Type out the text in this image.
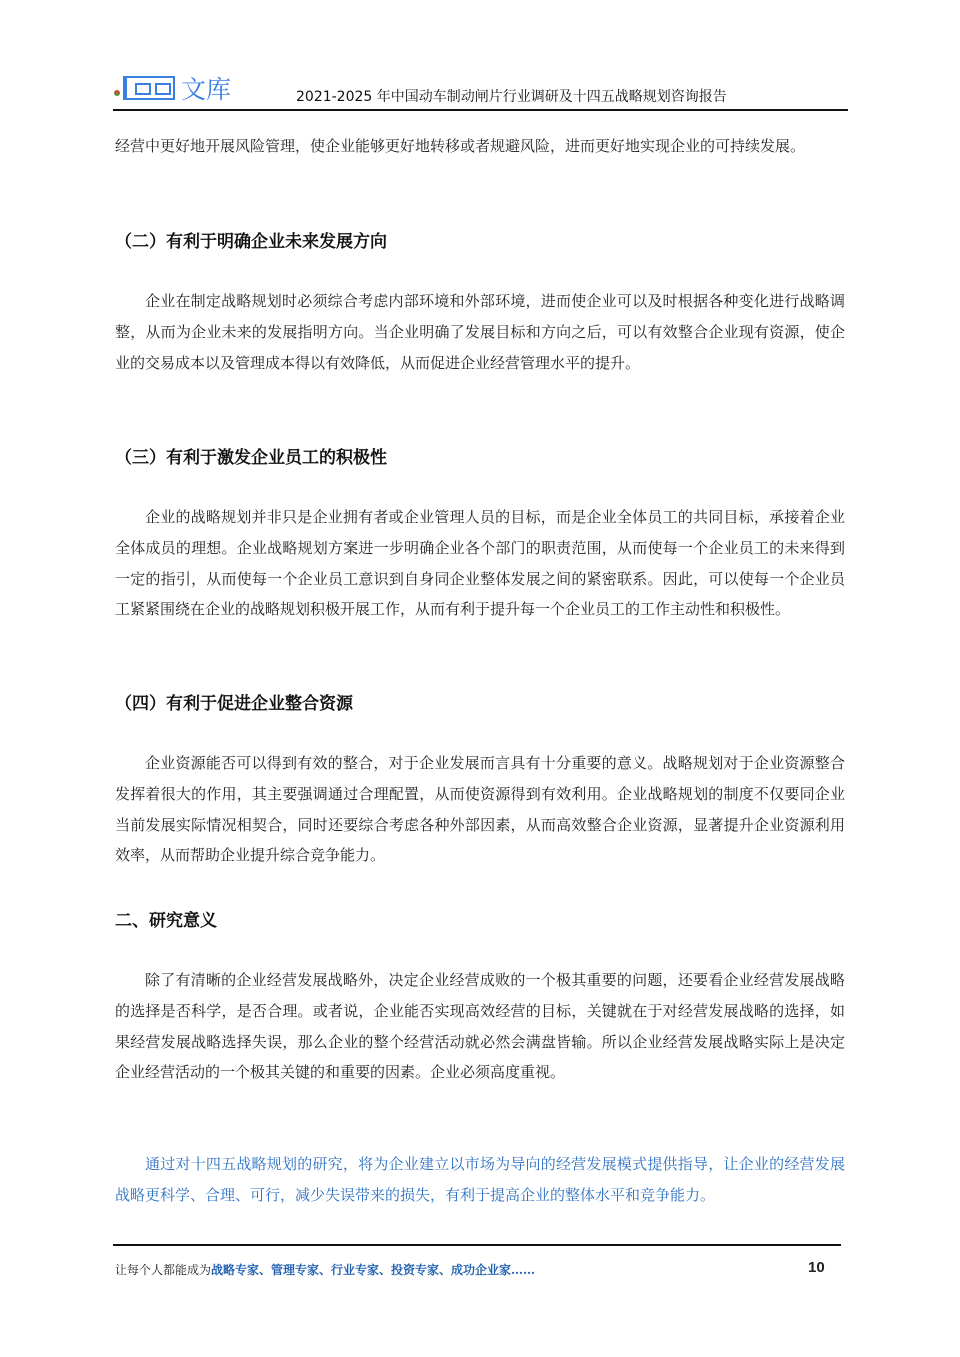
文库	2021-2025 年中国动车制动闸片行业调研及十四五战略规划咨询报告
经营中更好地开展风险管理，使企业能够更好地转移或者规避风险，进而更好地实现企业的可持续发展。
（二）有利于明确企业未来发展方向
企业在制定战略规划时必须综合考虑内部环境和外部环境，进而使企业可以及时根据各种变化进行战略调整，从而为企业未来的发展指明方向。当企业明确了发展目标和方向之后，可以有效整合企业现有资源，使企业的交易成本以及管理成本得以有效降低，从而促进企业经营管理水平的提升。
（三）有利于激发企业员工的积极性
企业的战略规划并非只是企业拥有者或企业管理人员的目标，而是企业全体员工的共同目标，承接着企业全体成员的理想。企业战略规划方案进一步明确企业各个部门的职责范围，从而使每一个企业员工的未来得到一定的指引，从而使每一个企业员工意识到自身同企业整体发展之间的紧密联系。因此，可以使每一个企业员工紧紧围绕在企业的战略规划积极开展工作，从而有利于提升每一个企业员工的工作主动性和积极性。
（四）有利于促进企业整合资源
企业资源能否可以得到有效的整合，对于企业发展而言具有十分重要的意义。战略规划对于企业资源整合发挥着很大的作用，其主要强调通过合理配置，从而使资源得到有效利用。企业战略规划的制度不仅要同企业当前发展实际情况相契合，同时还要综合考虑各种外部因素，从而高效整合企业资源，显著提升企业资源利用效率，从而帮助企业提升综合竞争能力。
二、研究意义
除了有清晰的企业经营发展战略外，决定企业经营成败的一个极其重要的问题，还要看企业经营发展战略的选择是否科学，是否合理。或者说，企业能否实现高效经营的目标，关键就在于对经营发展战略的选择，如果经营发展战略选择失误，那么企业的整个经营活动就必然会满盘皆输。所以企业经营发展战略实际上是决定企业经营活动的一个极其关键的和重要的因素。企业必须高度重视。
通过对十四五战略规划的研究，将为企业建立以市场为导向的经营发展模式提供指导，让企业的经营发展战略更科学、合理、可行，减少失误带来的损失，有利于提高企业的整体水平和竞争能力。
让每个人都能成为战略专家、管理专家、行业专家、投资专家、成功企业家……	10
